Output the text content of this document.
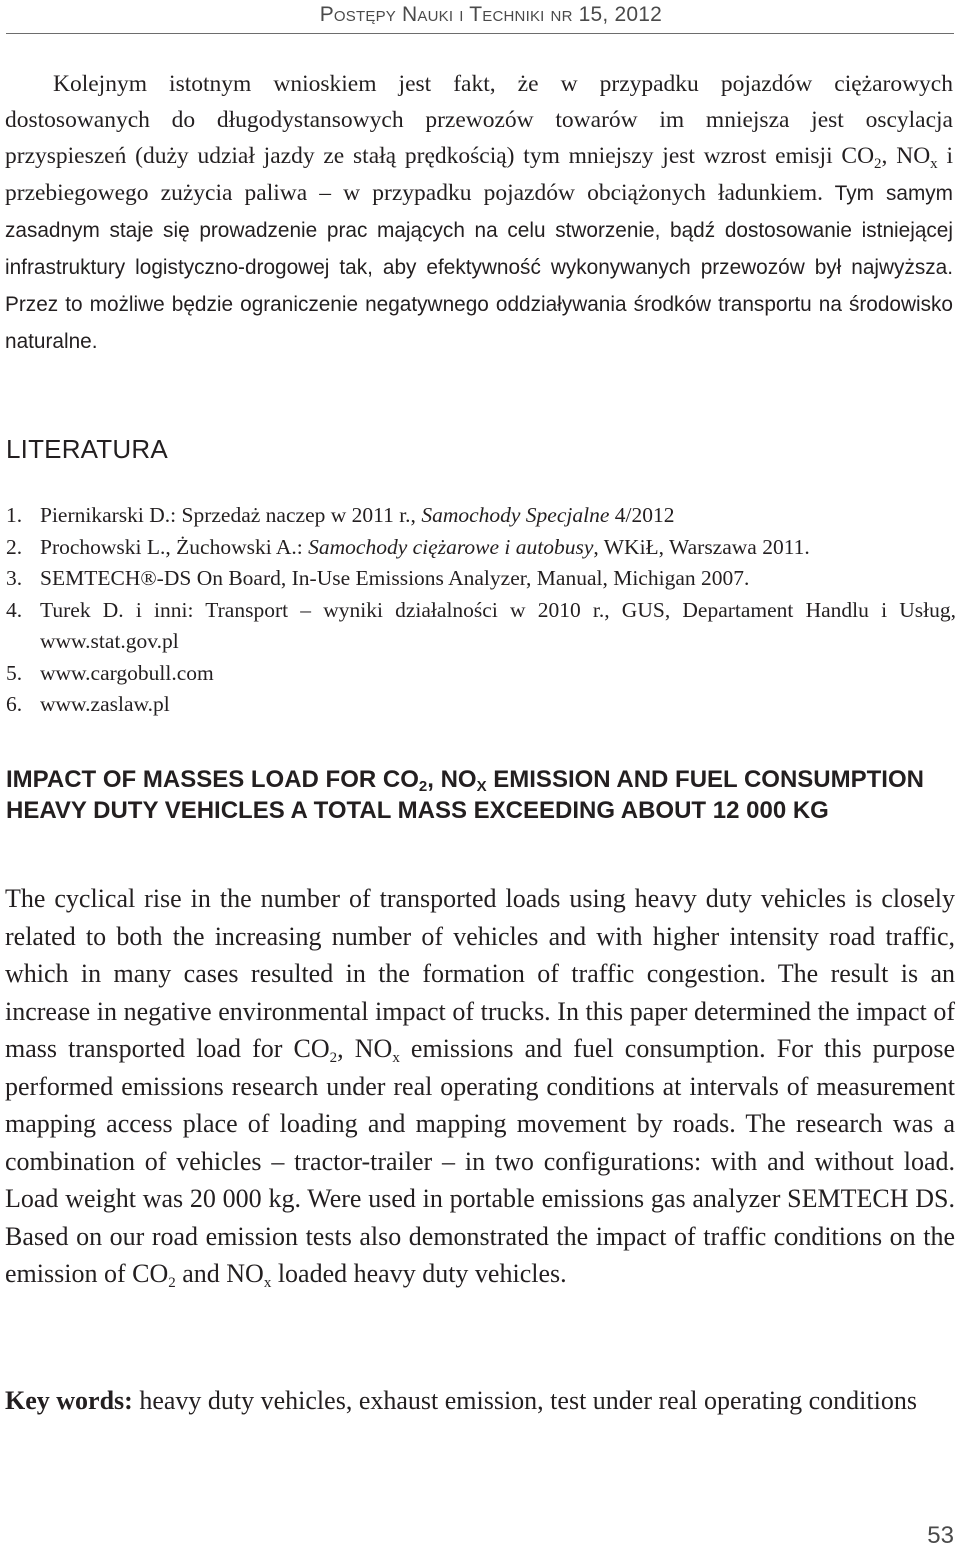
Postępy Nauki i Techniki nr 15, 2012

Kolejnym istotnym wnioskiem jest fakt, że w przypadku pojazdów ciężarowych dostosowanych do długodystansowych przewozów towarów im mniejsza jest oscylacja przyspieszeń (duży udział jazdy ze stałą prędkością) tym mniejszy jest wzrost emisji $CO_2$, $NO_x$ i przebiegowego zużycia paliwa – w przypadku pojazdów obciążonych ładunkiem. Tym samym zasadnym staje się prowadzenie prac mających na celu stworzenie, bądź dostosowanie istniejącej infrastruktury logistyczno-drogowej tak, aby efektywność wykonywanych przewozów był najwyższa. Przez to możliwe będzie ograniczenie negatywnego oddziaływania środków transportu na środowisko naturalne.

LITERATURA
1. Piernikarski D.: Sprzedaż naczep w 2011 r., Samochody Specjalne 4/2012
2. Prochowski L., Żuchowski A.: Samochody ciężarowe i autobusy, WKiŁ, Warszawa 2011.
3. SEMTECH®-DS On Board, In-Use Emissions Analyzer, Manual, Michigan 2007.
4. Turek D. i inni: Transport – wyniki działalności w 2010 r., GUS, Departament Handlu i Usług, www.stat.gov.pl
5. www.cargobull.com
6. www.zaslaw.pl
IMPACT OF MASSES LOAD FOR $CO_2$, $NO_X$ EMISSION AND FUEL CONSUMPTION HEAVY DUTY VEHICLES A TOTAL MASS EXCEEDING ABOUT 12 000 KG

The cyclical rise in the number of transported loads using heavy duty vehicles is closely related to both the increasing number of vehicles and with higher intensity road traffic, which in many cases resulted in the formation of traffic congestion. The result is an increase in negative environmental impact of trucks. In this paper determined the impact of mass transported load for $CO_2$, $NO_x$ emissions and fuel consumption. For this purpose performed emissions research under real operating conditions at intervals of measurement mapping access place of loading and mapping movement by roads. The research was a combination of vehicles – tractor-trailer – in two configurations: with and without load. Load weight was 20 000 kg. Were used in portable emissions gas analyzer SEMTECH DS. Based on our road emission tests also demonstrated the impact of traffic conditions on the emission of $CO_2$ and $NO_x$ loaded heavy duty vehicles.

Key words: heavy duty vehicles, exhaust emission, test under real operating conditions

53
